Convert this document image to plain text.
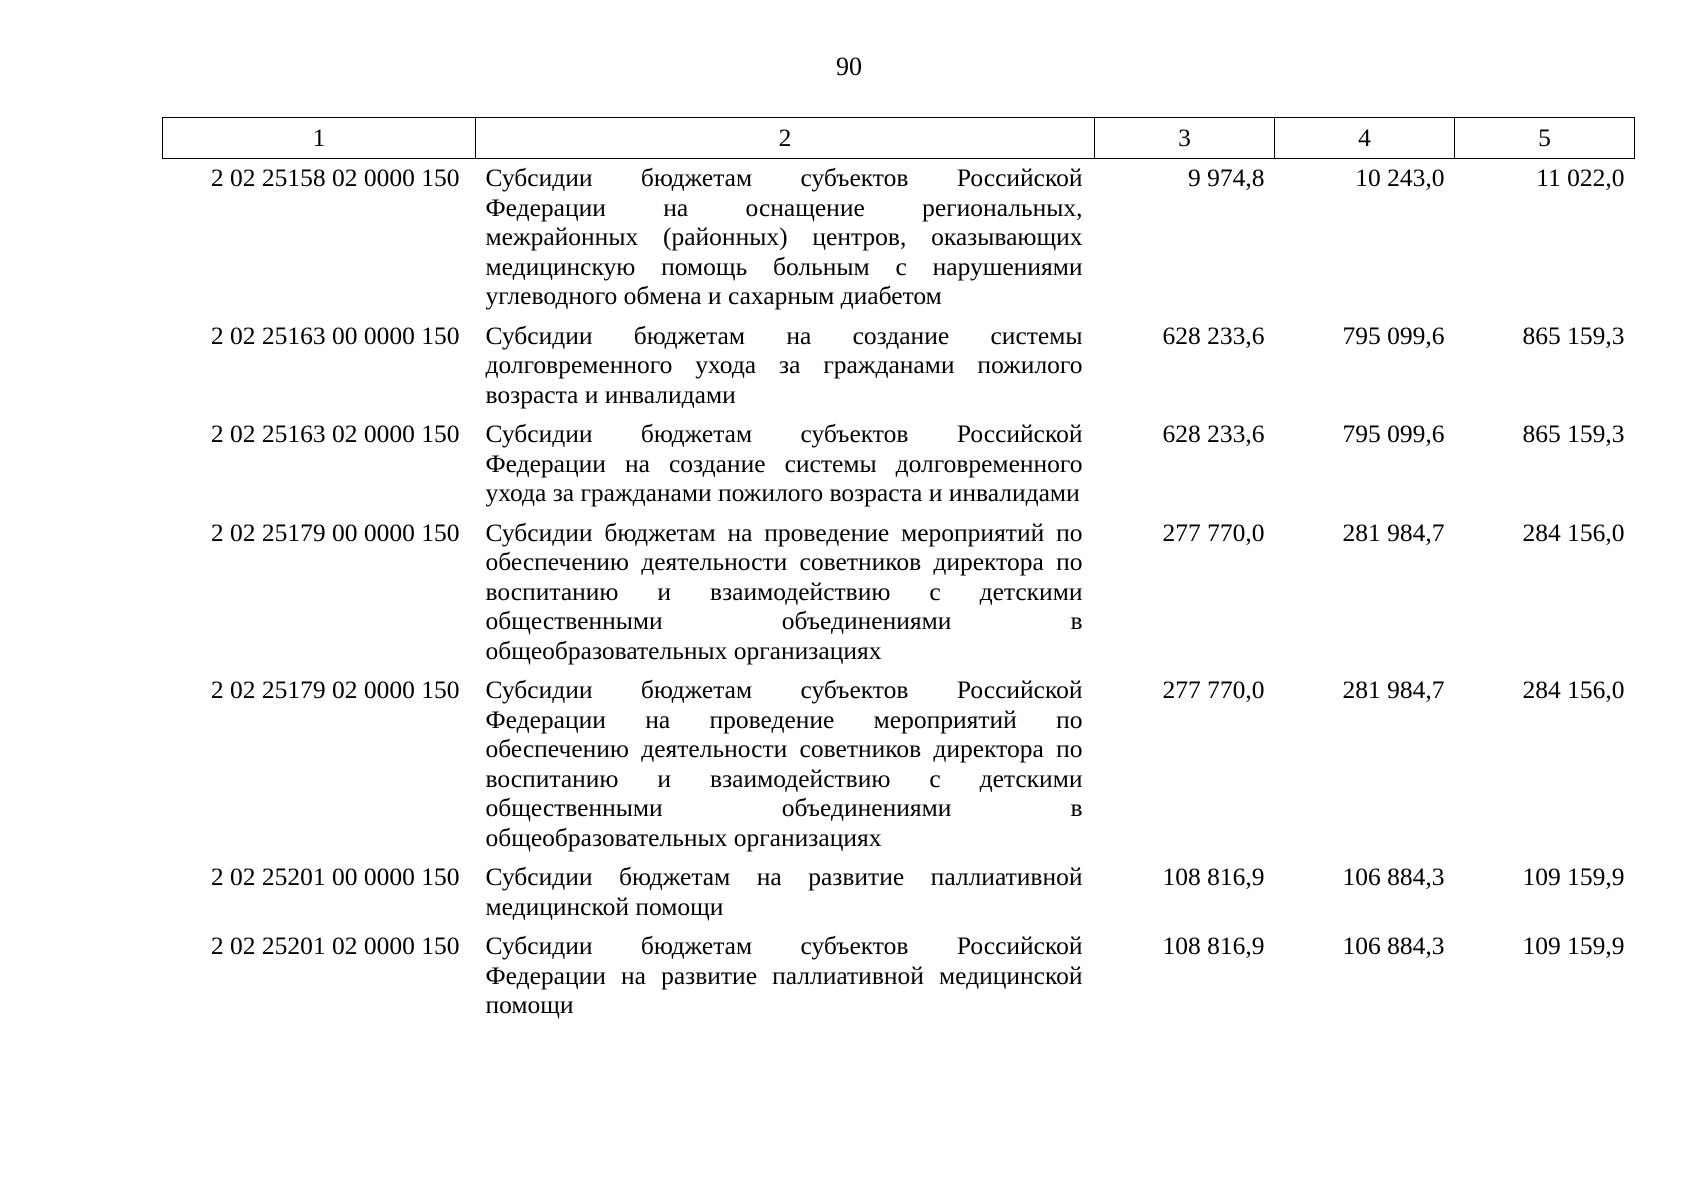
90
1	2	3	4	5
2 02 25158 02 0000 150	Субсидии бюджетам субъектов Российской Федерации на оснащение региональных, межрайонных (районных) центров, оказывающих медицинскую помощь больным с нарушениями углеводного обмена и сахарным диабетом	9 974,8	10 243,0	11 022,0
2 02 25163 00 0000 150	Субсидии бюджетам на создание системы долговременного ухода за гражданами пожилого возраста и инвалидами	628 233,6	795 099,6	865 159,3
2 02 25163 02 0000 150	Субсидии бюджетам субъектов Российской Федерации на создание системы долговременного ухода за гражданами пожилого возраста и инвалидами	628 233,6	795 099,6	865 159,3
2 02 25179 00 0000 150	Субсидии бюджетам на проведение мероприятий по обеспечению деятельности советников директора по воспитанию и взаимодействию с детскими общественными объединениями в общеобразовательных организациях	277 770,0	281 984,7	284 156,0
2 02 25179 02 0000 150	Субсидии бюджетам субъектов Российской Федерации на проведение мероприятий по обеспечению деятельности советников директора по воспитанию и взаимодействию с детскими общественными объединениями в общеобразовательных организациях	277 770,0	281 984,7	284 156,0
2 02 25201 00 0000 150	Субсидии бюджетам на развитие паллиативной медицинской помощи	108 816,9	106 884,3	109 159,9
2 02 25201 02 0000 150	Субсидии бюджетам субъектов Российской Федерации на развитие паллиативной медицинской помощи	108 816,9	106 884,3	109 159,9
